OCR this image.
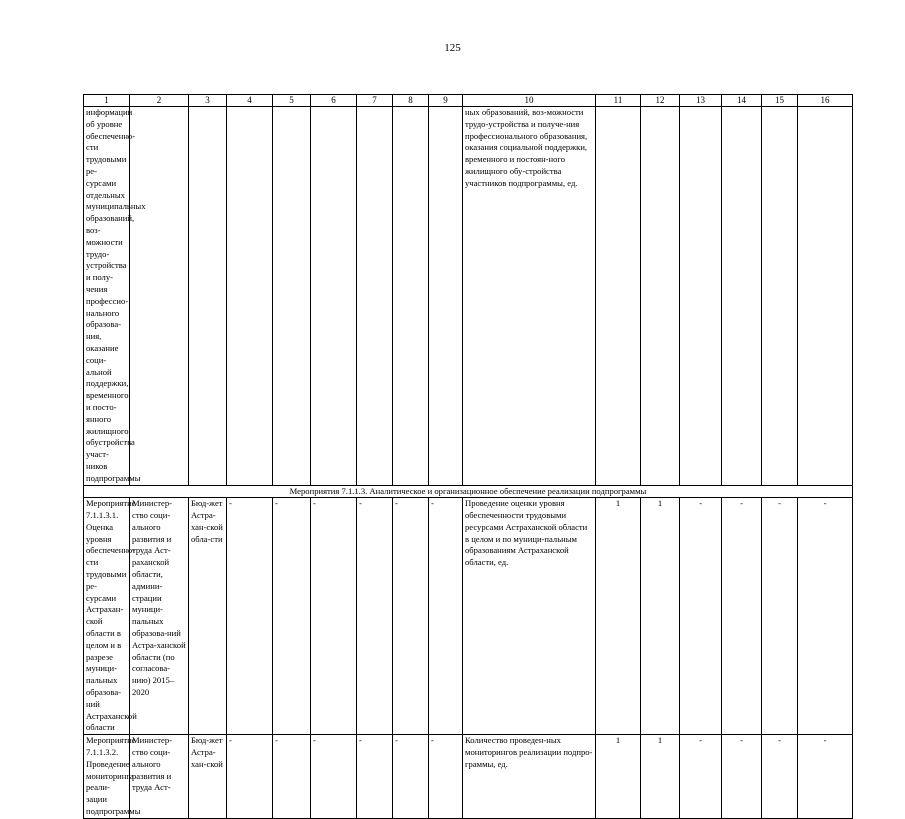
125
1	2	3	4	5	6	7	8	9	10	11	12	13	14	15	16
информации об уровне обеспеченно-сти трудовыми ре-сурсами отдельных муниципальных образований, воз-можности трудо-устройства и полу-чения профессио-нального образова-ния, оказание соци-альной поддержки, временного и посто-янного жилищного обустройства участ-ников подпрограммы									ных образований, воз-можности трудо-устройства и получе-ния профессионального образования, оказания социальной поддержки, временного и постоян-ного жилищного обу-стройства участников подпрограммы, ед.						
Мероприятия 7.1.1.3. Аналитическое и организационное обеспечение реализации подпрограммы															
Мероприятие 7.1.1.3.1. Оценка уровня обеспеченно-сти трудовыми ре-сурсами Астрахан-ской области в целом и в разрезе муници-пальных образова-ний Астраханской области	Министер-ство соци-ального развития и труда Аст-раханской области, админи-страции муници-пальных образова-ний Астра-ханской области (по согласова-нию) 2015–2020	Бюд-жет Астра-хан-ской обла-сти	-	-	-	-	-	-	Проведение оценки уровня обеспеченности трудовыми ресурсами Астраханской области в целом и по муници-пальным образованиям Астраханской области, ед.	1	1	-	-	-	-
Мероприятие 7.1.1.3.2. Проведение мониторинга реали-зации подпрограммы	Министер-ство соци-ального развития и труда Аст-	Бюд-жет Астра-хан-ской	-	-	-	-	-	-	Количество проведен-ных мониторингов реализации подпро-граммы, ед.	1	1	-	-	-	-
